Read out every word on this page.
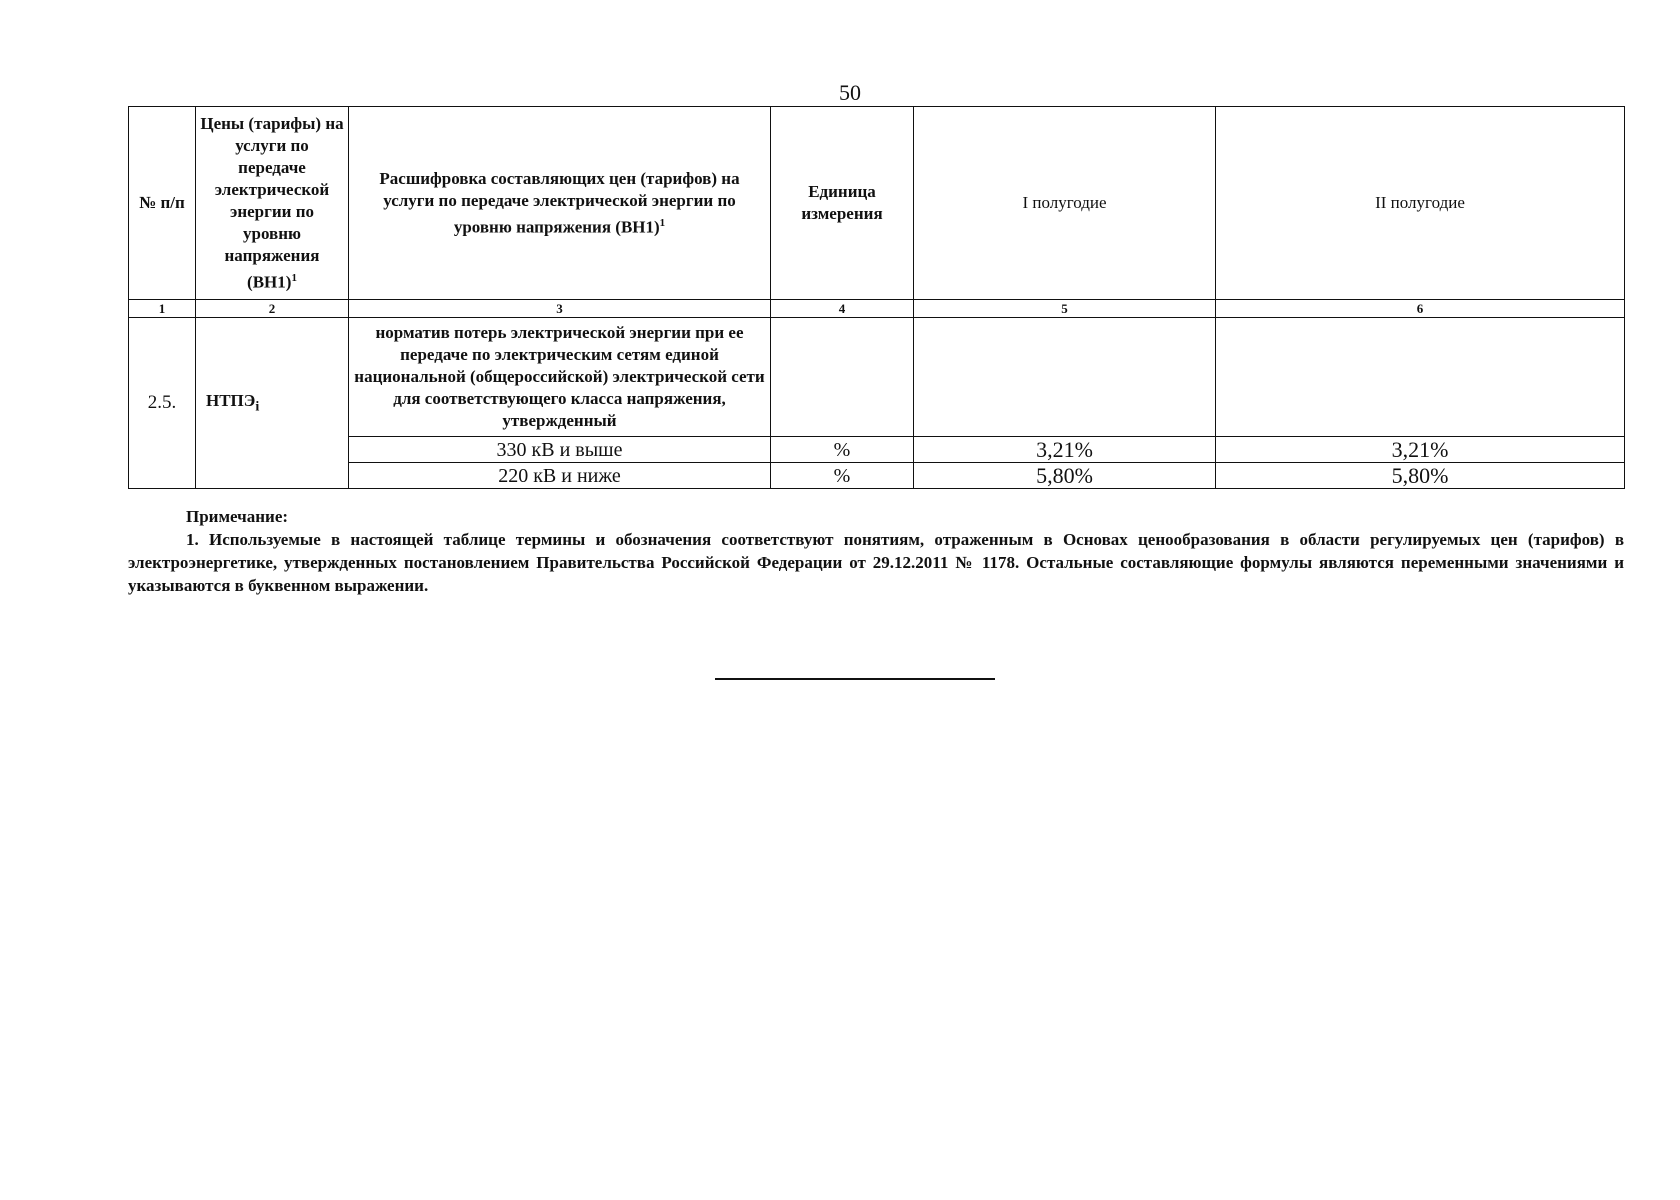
50
№ п/п	Цены (тарифы) на услуги по передаче электрической энергии по уровню напряжения $(ВН1)^1$	Расшифровка составляющих цен (тарифов) на услуги по передаче электрической энергии по уровню напряжения $(ВН1)^1$	Единица измерения	I полугодие	II полугодие
1	2	3	4	5	6
2.5.	$НТПЭ_i$	норматив потерь электрической энергии при ее передаче по электрическим сетям единой национальной (общероссийской) электрической сети для соответствующего класса напряжения, утвержденный			
		330 кВ и выше	%	3,21%	3,21%
		220 кВ и ниже	%	5,80%	5,80%
Примечание:
1. Используемые в настоящей таблице термины и обозначения соответствуют понятиям, отраженным в Основах ценообразования в области регулируемых цен (тарифов) в электроэнергетике, утвержденных постановлением Правительства Российской Федерации от 29.12.2011 № 1178. Остальные составляющие формулы являются переменными значениями и указываются в буквенном выражении.
